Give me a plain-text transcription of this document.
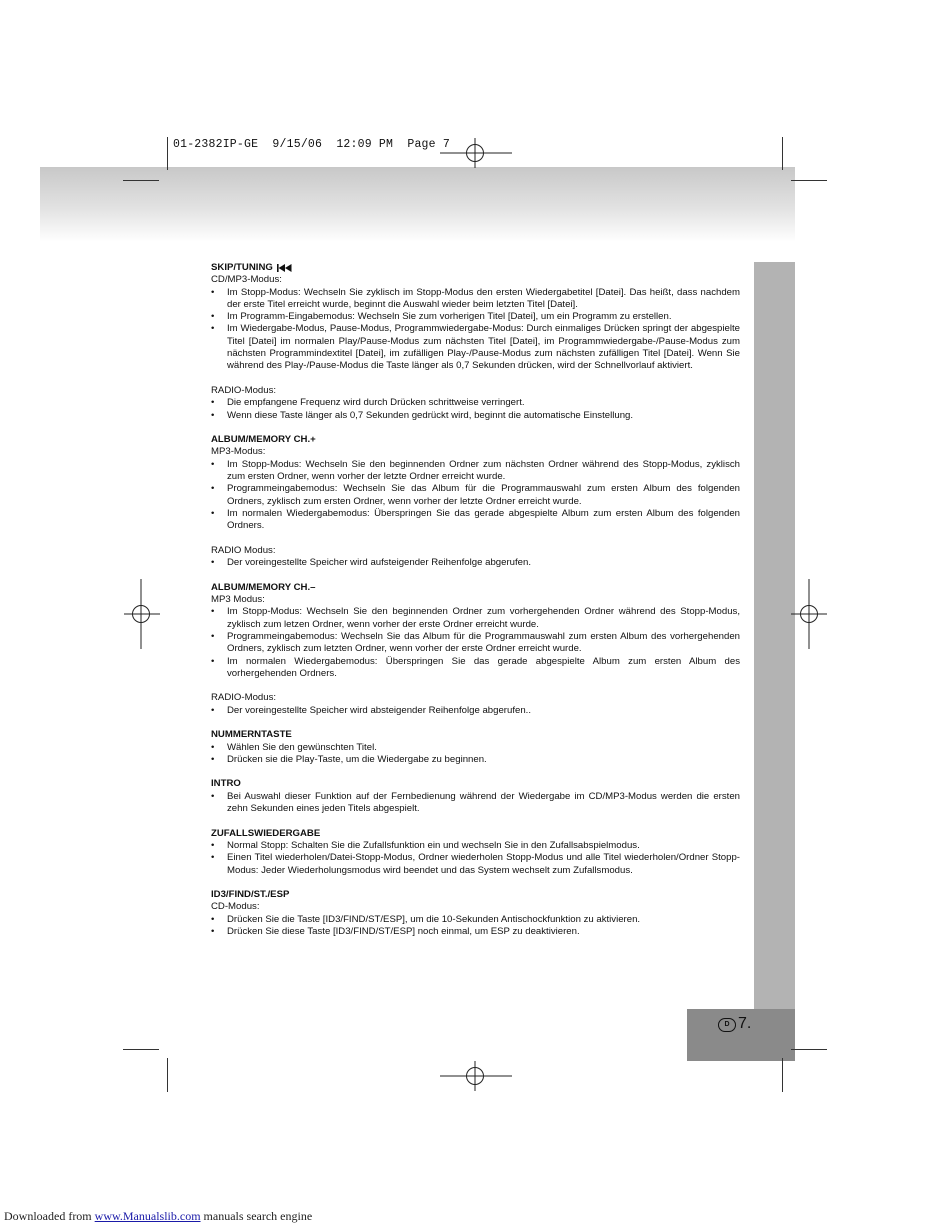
01-2382IP-GE  9/15/06  12:09 PM  Page 7
D 7.
SKIP/TUNING
CD/MP3-Modus:
• Im Stopp-Modus: Wechseln Sie zyklisch im Stopp-Modus den ersten Wiedergabetitel [Datei]. Das heißt, dass nachdem der erste Titel erreicht wurde, beginnt die Auswahl wieder beim letzten Titel [Datei].
• Im Programm-Eingabemodus: Wechseln Sie zum vorherigen Titel [Datei], um ein Programm zu erstellen.
• Im Wiedergabe-Modus, Pause-Modus, Programmwiedergabe-Modus: Durch einmaliges Drücken springt der abgespielte Titel [Datei] im normalen Play/Pause-Modus zum nächsten Titel [Datei], im Programmwiedergabe-/Pause-Modus zum nächsten Programmindextitel [Datei], im zufälligen Play-/Pause-Modus zum nächsten zufälligen Titel [Datei]. Wenn Sie während des Play-/Pause-Modus die Taste länger als 0,7 Sekunden drücken, wird der Schnellvorlauf aktiviert.
RADIO-Modus:
• Die empfangene Frequenz wird durch Drücken schrittweise verringert.
• Wenn diese Taste länger als 0,7 Sekunden gedrückt wird, beginnt die automatische Einstellung.
ALBUM/MEMORY CH.+
MP3-Modus:
• Im Stopp-Modus: Wechseln Sie den beginnenden Ordner zum nächsten Ordner während des Stopp-Modus, zyklisch zum ersten Ordner, wenn vorher der letzte Ordner erreicht wurde.
• Programmeingabemodus: Wechseln Sie das Album für die Programmauswahl zum ersten Album des folgenden Ordners, zyklisch zum ersten Ordner, wenn vorher der letzte Ordner erreicht wurde.
• Im normalen Wiedergabemodus: Überspringen Sie das gerade abgespielte Album zum ersten Album des folgenden Ordners.
RADIO Modus:
• Der voreingestellte Speicher wird aufsteigender Reihenfolge abgerufen.
ALBUM/MEMORY CH.–
MP3 Modus:
• Im Stopp-Modus: Wechseln Sie den beginnenden Ordner zum vorhergehenden Ordner während des Stopp-Modus, zyklisch zum letzen Ordner, wenn vorher der erste Ordner erreicht wurde.
• Programmeingabemodus: Wechseln Sie das Album für die Programmauswahl zum ersten Album des vorhergehenden Ordners, zyklisch zum letzten Ordner, wenn vorher der erste Ordner erreicht wurde.
• Im normalen Wiedergabemodus: Überspringen Sie das gerade abgespielte Album zum ersten Album des vorhergehenden Ordners.
RADIO-Modus:
• Der voreingestellte Speicher wird absteigender Reihenfolge abgerufen..
NUMMERNTASTE
• Wählen Sie den gewünschten Titel.
• Drücken sie die Play-Taste, um die Wiedergabe zu beginnen.
INTRO
• Bei Auswahl dieser Funktion auf der Fernbedienung während der Wiedergabe im CD/MP3-Modus werden die ersten zehn Sekunden eines jeden Titels abgespielt.
ZUFALLSWIEDERGABE
• Normal Stopp: Schalten Sie die Zufallsfunktion ein und wechseln Sie in den Zufallsabspielmodus.
• Einen Titel wiederholen/Datei-Stopp-Modus, Ordner wiederholen Stopp-Modus und alle Titel wiederholen/Ordner Stopp-Modus: Jeder Wiederholungsmodus wird beendet und das System wechselt zum Zufallsmodus.
ID3/FIND/ST./ESP
CD-Modus:
• Drücken Sie die Taste [ID3/FIND/ST/ESP], um die 10-Sekunden Antischockfunktion zu aktivieren.
• Drücken Sie diese Taste [ID3/FIND/ST/ESP] noch einmal, um ESP zu deaktivieren.
Downloaded from www.Manualslib.com manuals search engine
